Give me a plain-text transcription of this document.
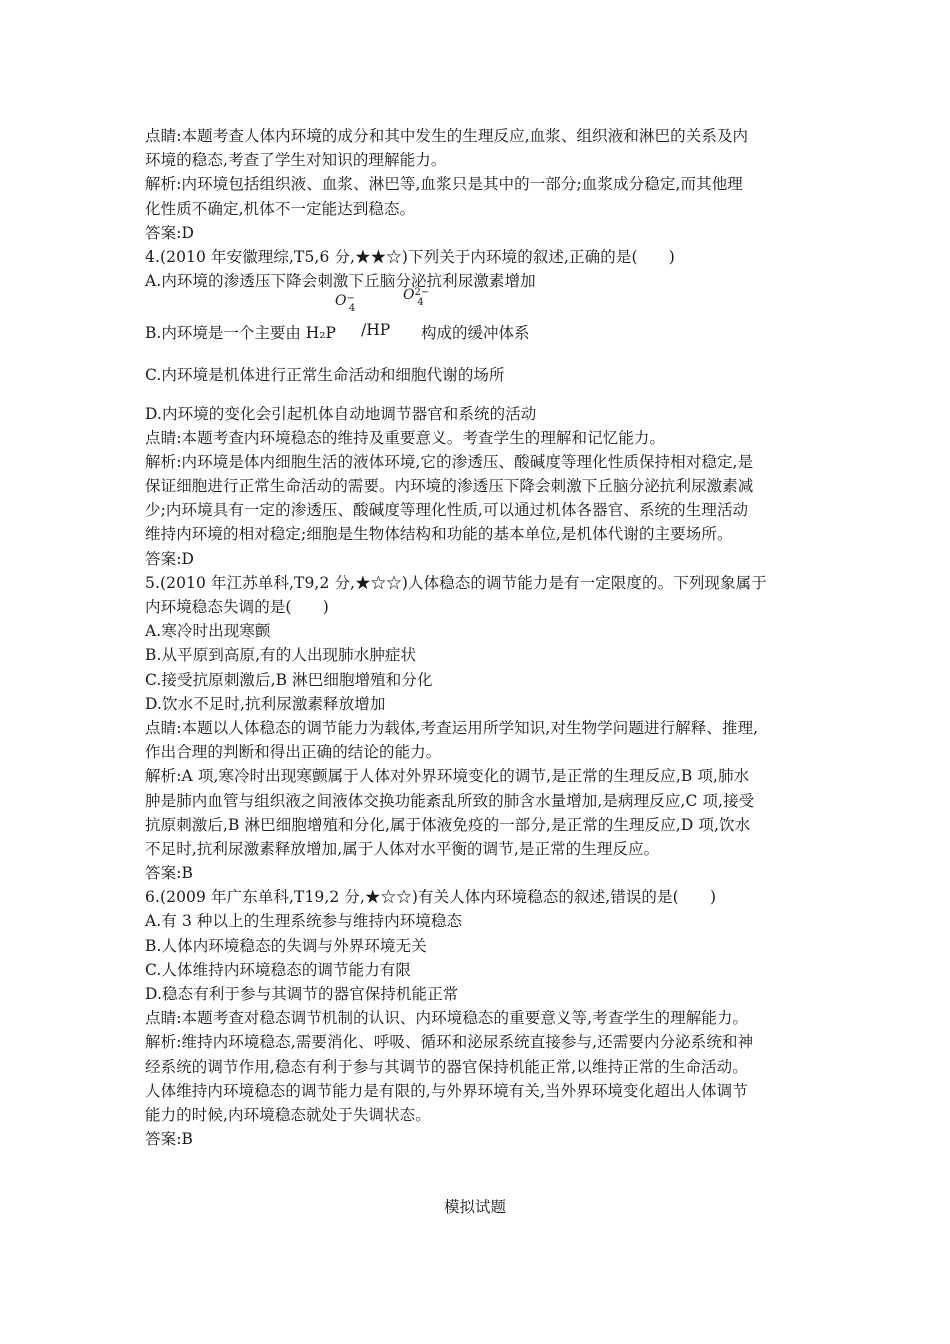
点睛:本题考查人体内环境的成分和其中发生的生理反应,血浆、组织液和淋巴的关系及内
环境的稳态,考查了学生对知识的理解能力。
解析:内环境包括组织液、血浆、淋巴等,血浆只是其中的一部分;血浆成分稳定,而其他理
化性质不确定,机体不一定能达到稳态。
答案:D
4.(2010 年安徽理综,T5,6 分,★★☆)下列关于内环境的叙述,正确的是(　　)
A.内环境的渗透压下降会刺激下丘脑分泌抗利尿激素增加
B.内环境是一个主要由 H₂P
$O^-_4$
/HP
$O^{2-}_4$
构成的缓冲体系
C.内环境是机体进行正常生命活动和细胞代谢的场所
D.内环境的变化会引起机体自动地调节器官和系统的活动
点睛:本题考查内环境稳态的维持及重要意义。考查学生的理解和记忆能力。
解析:内环境是体内细胞生活的液体环境,它的渗透压、酸碱度等理化性质保持相对稳定,是
保证细胞进行正常生命活动的需要。内环境的渗透压下降会刺激下丘脑分泌抗利尿激素减
少;内环境具有一定的渗透压、酸碱度等理化性质,可以通过机体各器官、系统的生理活动
维持内环境的相对稳定;细胞是生物体结构和功能的基本单位,是机体代谢的主要场所。
答案:D
5.(2010 年江苏单科,T9,2 分,★☆☆)人体稳态的调节能力是有一定限度的。下列现象属于
内环境稳态失调的是(　　)
A.寒冷时出现寒颤
B.从平原到高原,有的人出现肺水肿症状
C.接受抗原刺激后,B 淋巴细胞增殖和分化
D.饮水不足时,抗利尿激素释放增加
点睛:本题以人体稳态的调节能力为载体,考查运用所学知识,对生物学问题进行解释、推理,
作出合理的判断和得出正确的结论的能力。
解析:A 项,寒冷时出现寒颤属于人体对外界环境变化的调节,是正常的生理反应,B 项,肺水
肿是肺内血管与组织液之间液体交换功能紊乱所致的肺含水量增加,是病理反应,C 项,接受
抗原刺激后,B 淋巴细胞增殖和分化,属于体液免疫的一部分,是正常的生理反应,D 项,饮水
不足时,抗利尿激素释放增加,属于人体对水平衡的调节,是正常的生理反应。
答案:B
6.(2009 年广东单科,T19,2 分,★☆☆)有关人体内环境稳态的叙述,错误的是(　　)
A.有 3 种以上的生理系统参与维持内环境稳态
B.人体内环境稳态的失调与外界环境无关
C.人体维持内环境稳态的调节能力有限
D.稳态有利于参与其调节的器官保持机能正常
点睛:本题考查对稳态调节机制的认识、内环境稳态的重要意义等,考查学生的理解能力。
解析:维持内环境稳态,需要消化、呼吸、循环和泌尿系统直接参与,还需要内分泌系统和神
经系统的调节作用,稳态有利于参与其调节的器官保持机能正常,以维持正常的生命活动。
人体维持内环境稳态的调节能力是有限的,与外界环境有关,当外界环境变化超出人体调节
能力的时候,内环境稳态就处于失调状态。
答案:B
模拟试题
